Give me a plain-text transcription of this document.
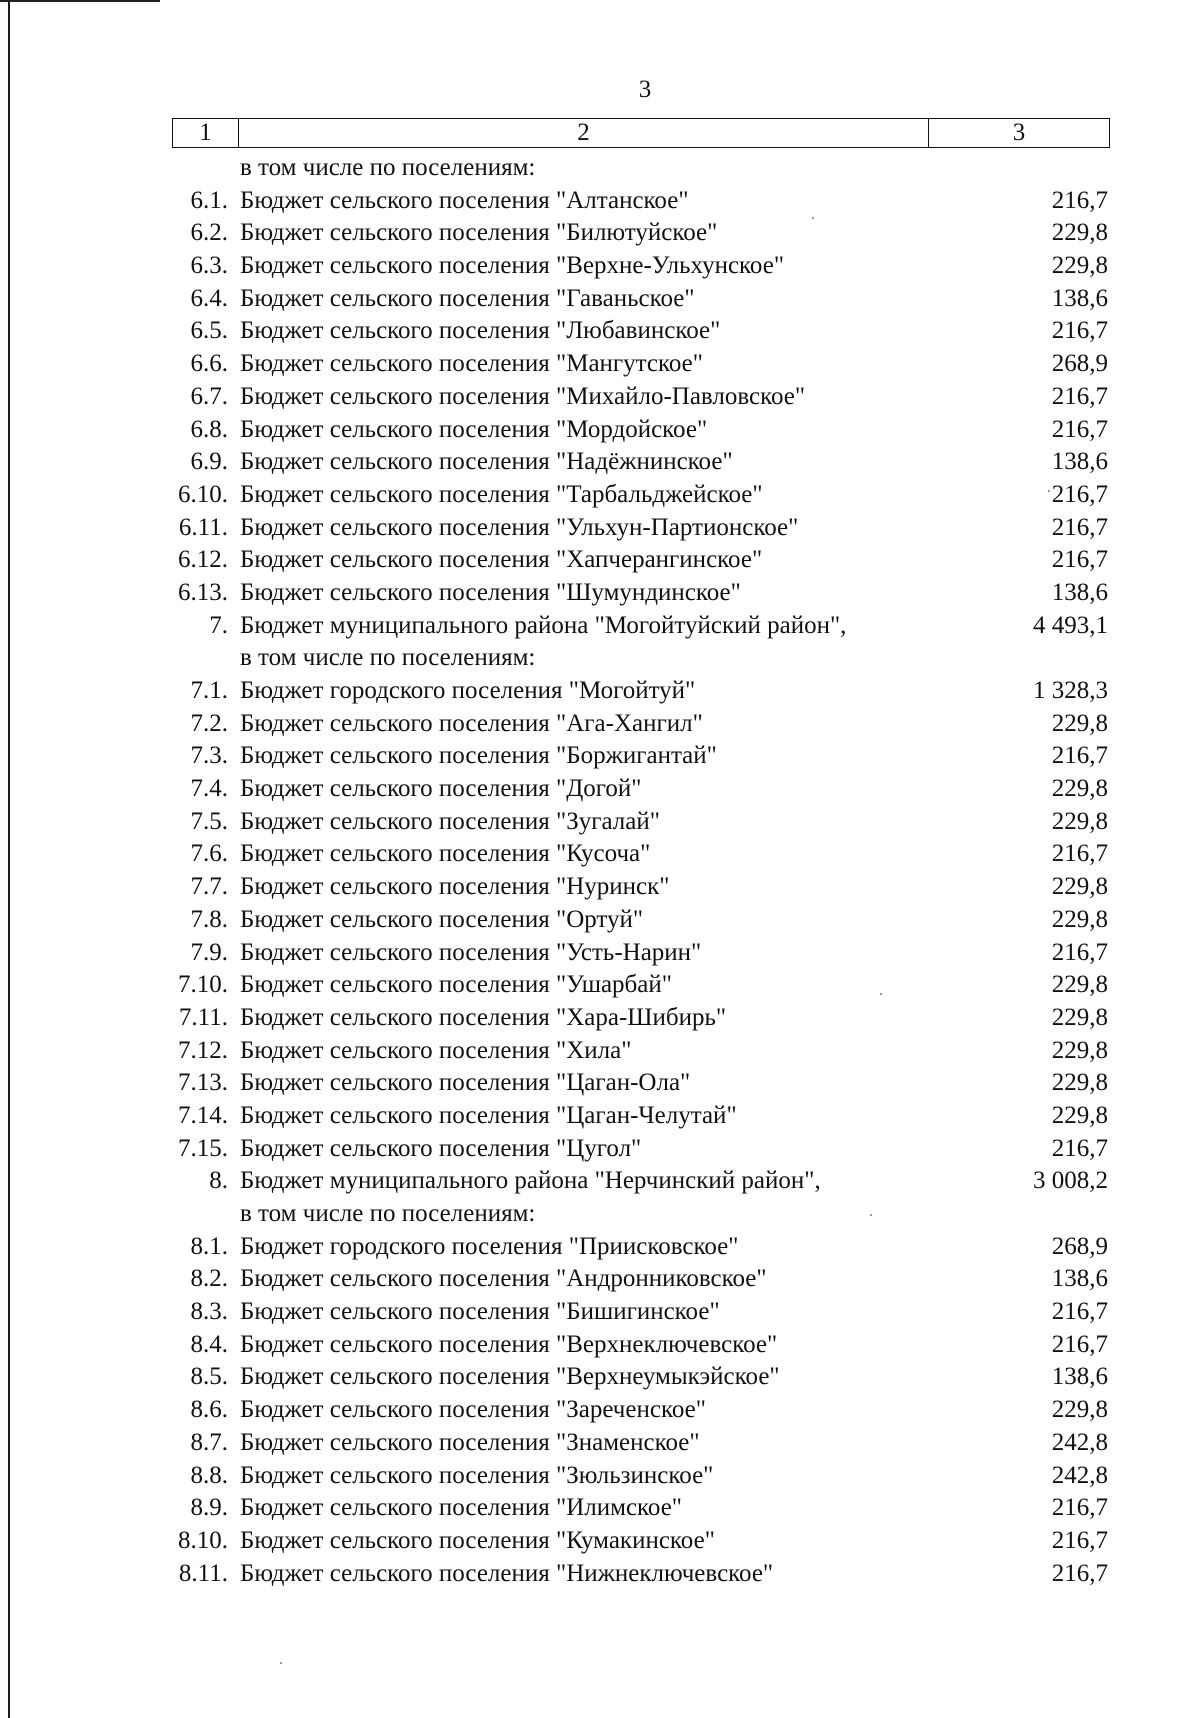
3
1	2	3
в том числе по поселениям:
6.1. Бюджет сельского поселения "Алтанское"	216,7
6.2. Бюджет сельского поселения "Билютуйское"	229,8
6.3. Бюджет сельского поселения "Верхне-Ульхунское"	229,8
6.4. Бюджет сельского поселения "Гаваньское"	138,6
6.5. Бюджет сельского поселения "Любавинское"	216,7
6.6. Бюджет сельского поселения "Мангутское"	268,9
6.7. Бюджет сельского поселения "Михайло-Павловское"	216,7
6.8. Бюджет сельского поселения "Мордойское"	216,7
6.9. Бюджет сельского поселения "Надёжнинское"	138,6
6.10. Бюджет сельского поселения "Тарбальджейское"	216,7
6.11. Бюджет сельского поселения "Ульхун-Партионское"	216,7
6.12. Бюджет сельского поселения "Хапчерангинское"	216,7
6.13. Бюджет сельского поселения "Шумундинское"	138,6
7. Бюджет муниципального района "Могойтуйский район",	4 493,1
в том числе по поселениям:
7.1. Бюджет городского поселения "Могойтуй"	1 328,3
7.2. Бюджет сельского поселения "Ага-Хангил"	229,8
7.3. Бюджет сельского поселения "Боржигантай"	216,7
7.4. Бюджет сельского поселения "Догой"	229,8
7.5. Бюджет сельского поселения "Зугалай"	229,8
7.6. Бюджет сельского поселения "Кусоча"	216,7
7.7. Бюджет сельского поселения "Нуринск"	229,8
7.8. Бюджет сельского поселения "Ортуй"	229,8
7.9. Бюджет сельского поселения "Усть-Нарин"	216,7
7.10. Бюджет сельского поселения "Ушарбай"	229,8
7.11. Бюджет сельского поселения "Хара-Шибирь"	229,8
7.12. Бюджет сельского поселения "Хила"	229,8
7.13. Бюджет сельского поселения "Цаган-Ола"	229,8
7.14. Бюджет сельского поселения "Цаган-Челутай"	229,8
7.15. Бюджет сельского поселения "Цугол"	216,7
8. Бюджет муниципального района "Нерчинский район",	3 008,2
в том числе по поселениям:
8.1. Бюджет городского поселения "Приисковское"	268,9
8.2. Бюджет сельского поселения "Андронниковское"	138,6
8.3. Бюджет сельского поселения "Бишигинское"	216,7
8.4. Бюджет сельского поселения "Верхнеключевское"	216,7
8.5. Бюджет сельского поселения "Верхнеумыкэйское"	138,6
8.6. Бюджет сельского поселения "Зареченское"	229,8
8.7. Бюджет сельского поселения "Знаменское"	242,8
8.8. Бюджет сельского поселения "Зюльзинское"	242,8
8.9. Бюджет сельского поселения "Илимское"	216,7
8.10. Бюджет сельского поселения "Кумакинское"	216,7
8.11. Бюджет сельского поселения "Нижнеключевское"	216,7
